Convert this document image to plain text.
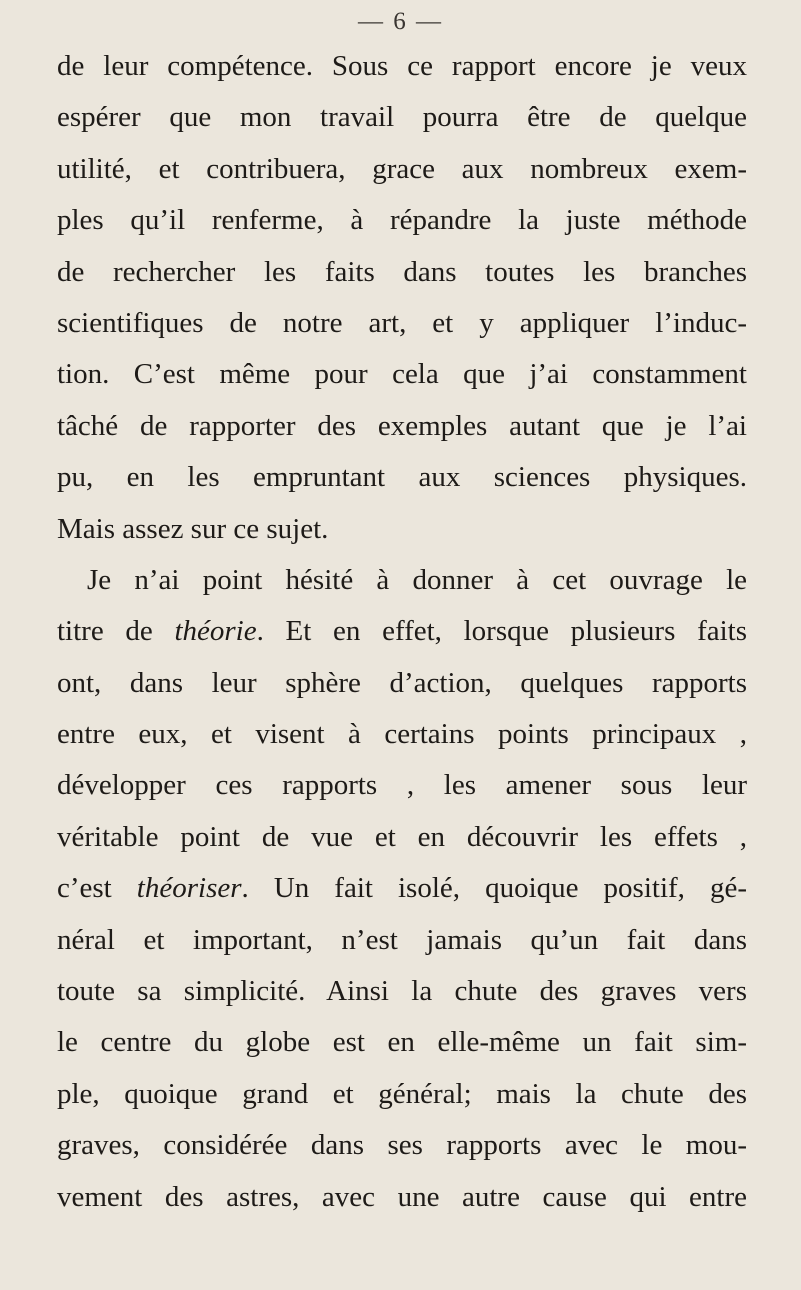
— 6 —
de leur compétence. Sous ce rapport encore je veux
espérer que mon travail pourra être de quelque
utilité, et contribuera, grace aux nombreux exem-
ples qu’il renferme, à répandre la juste méthode
de rechercher les faits dans toutes les branches
scientifiques de notre art, et y appliquer l’induc-
tion. C’est même pour cela que j’ai constamment
tâché de rapporter des exemples autant que je l’ai
pu, en les empruntant aux sciences physiques.
Mais assez sur ce sujet.
Je n’ai point hésité à donner à cet ouvrage le
titre de théorie. Et en effet, lorsque plusieurs faits
ont, dans leur sphère d’action, quelques rapports
entre eux, et visent à certains points principaux ,
développer ces rapports , les amener sous leur
véritable point de vue et en découvrir les effets ,
c’est théoriser. Un fait isolé, quoique positif, gé-
néral et important, n’est jamais qu’un fait dans
toute sa simplicité. Ainsi la chute des graves vers
le centre du globe est en elle-même un fait sim-
ple, quoique grand et général; mais la chute des
graves, considérée dans ses rapports avec le mou-
vement des astres, avec une autre cause qui entre
